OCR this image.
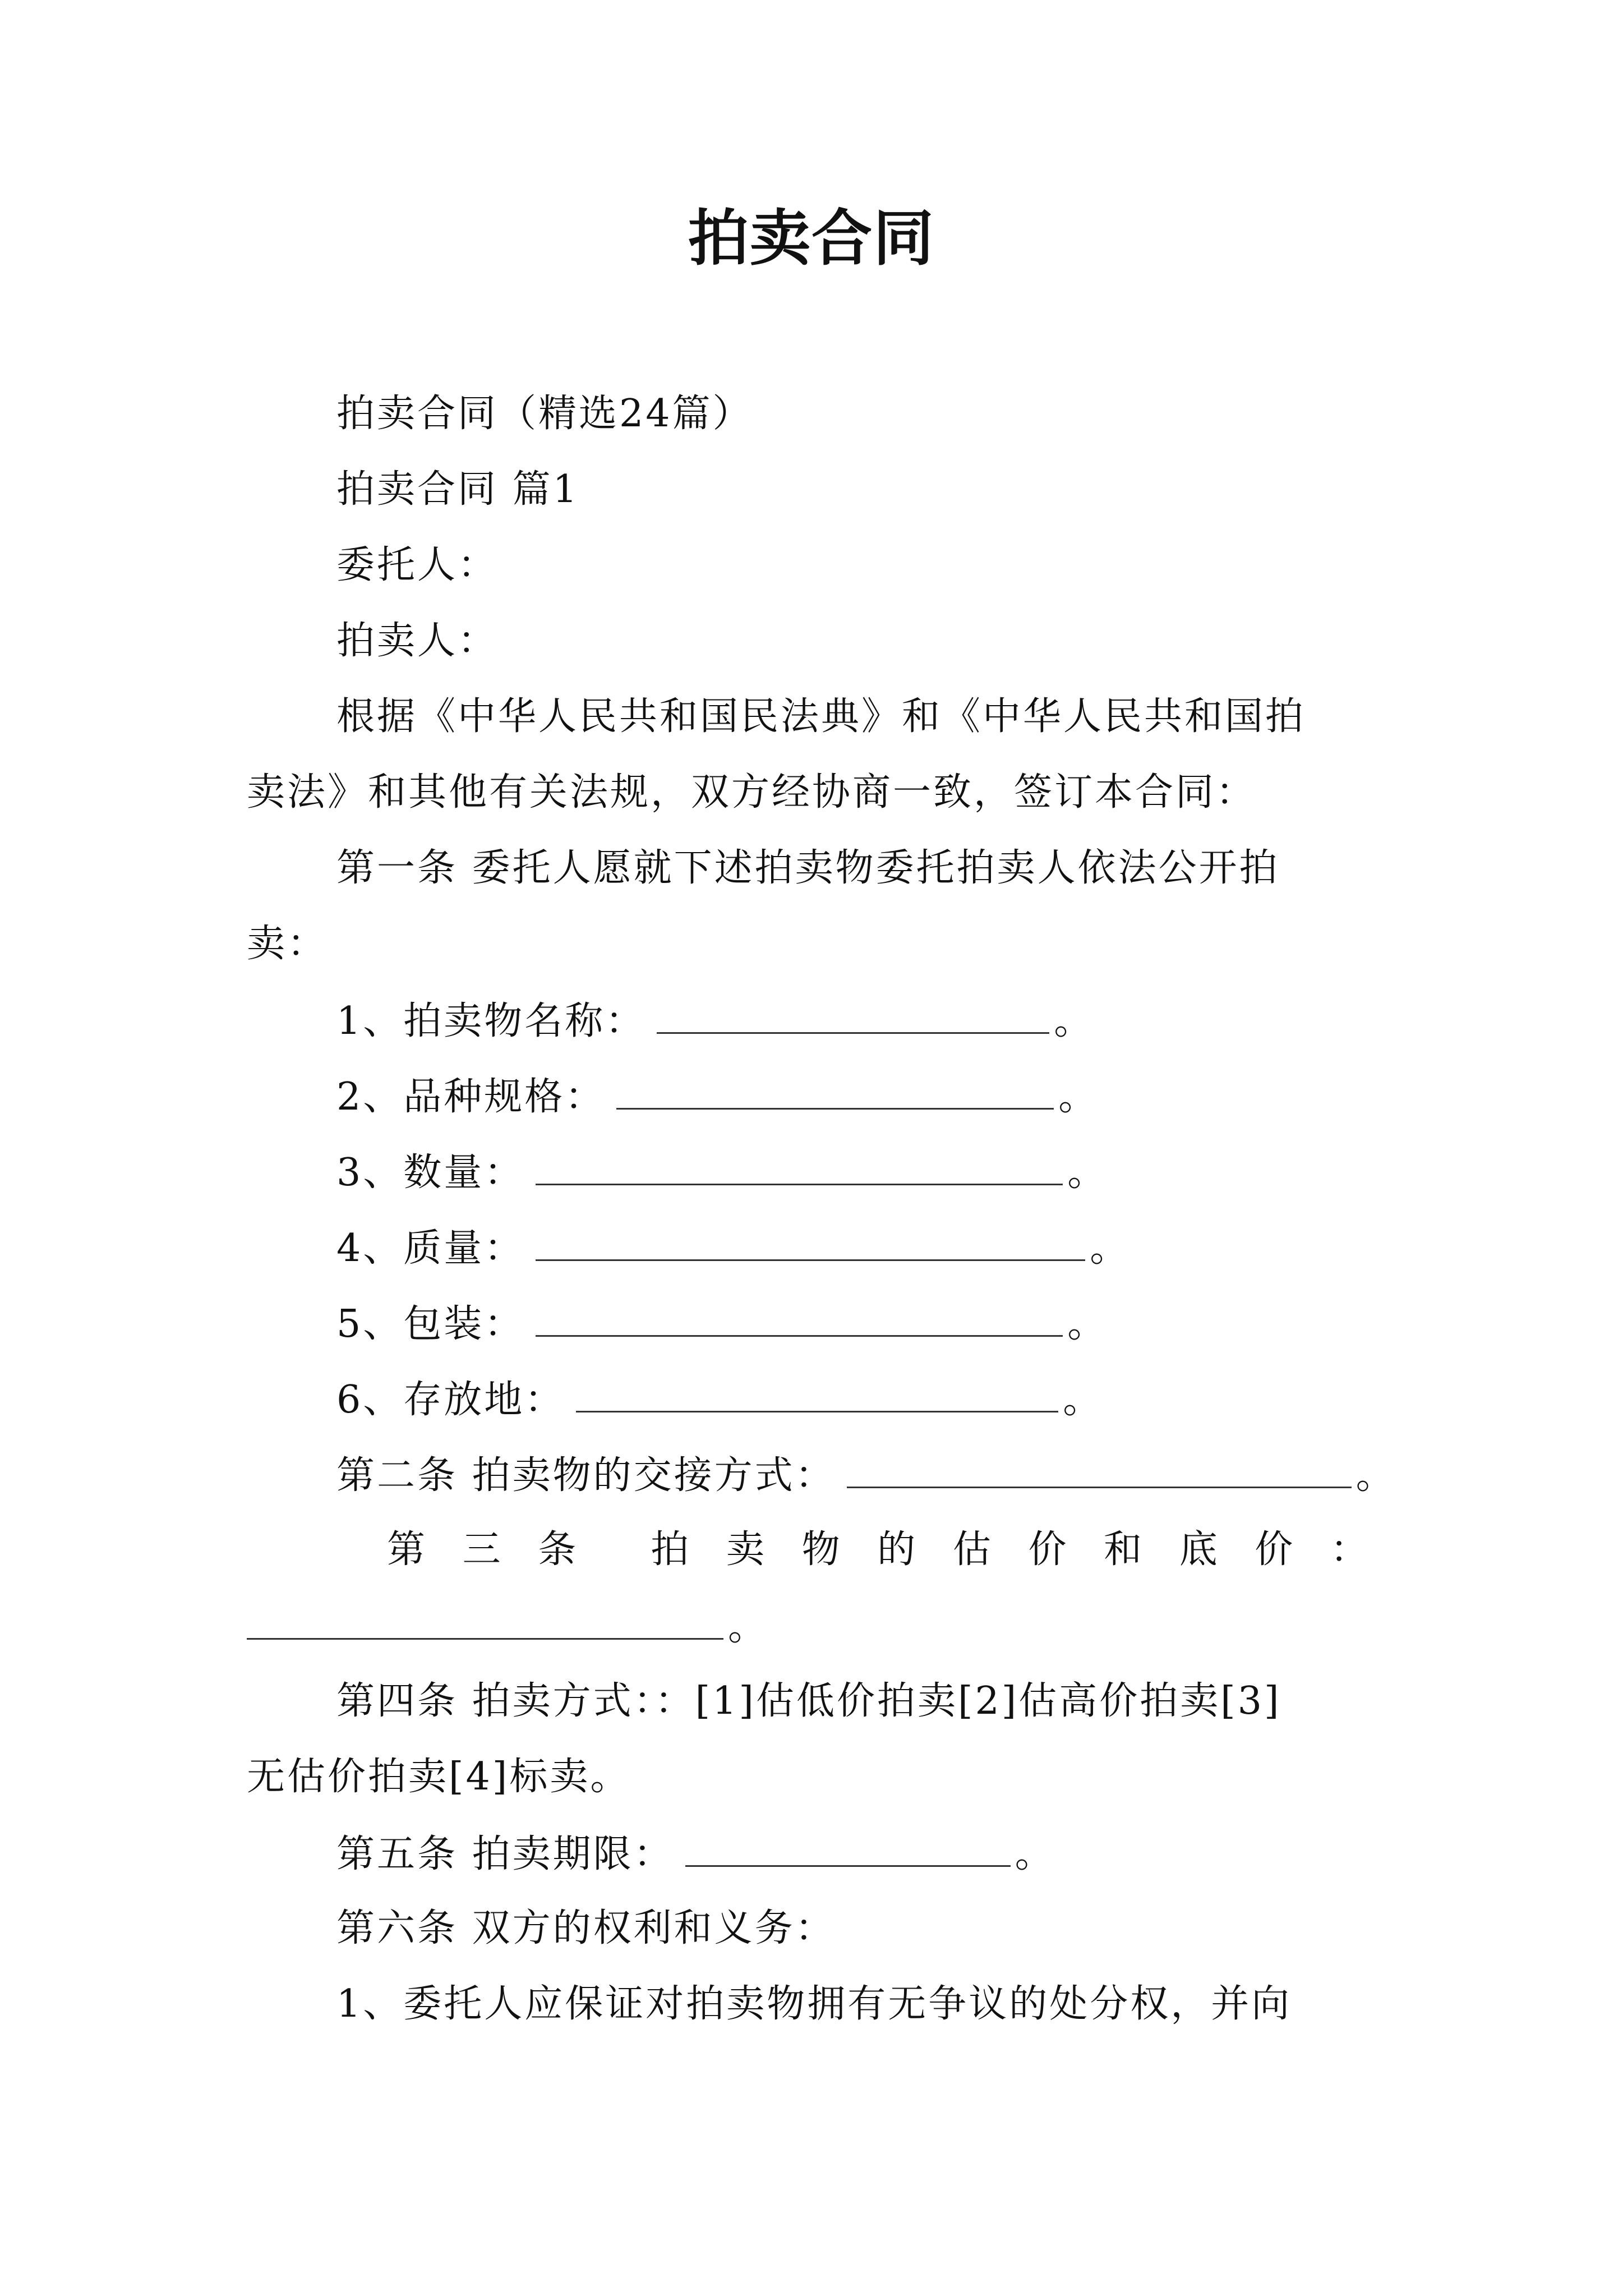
拍卖合同
拍卖合同（精选24篇）
拍卖合同 篇1
委托人：
拍卖人：
根据《中华人民共和国民法典》和《中华人民共和国拍
卖法》和其他有关法规，双方经协商一致，签订本合同：
第一条 委托人愿就下述拍卖物委托拍卖人依法公开拍
卖：
1、拍卖物名称：	。
2、品种规格：	。
3、数量：	。
4、质量：	。
5、包装：	。
6、存放地：	。
第二条 拍卖物的交接方式：	。
第 三 条 拍 卖 物 的 估 价 和 底 价 ：
。
第四条 拍卖方式：：[1]估低价拍卖[2]估高价拍卖[3]
无估价拍卖[4]标卖。
第五条 拍卖期限：	。
第六条 双方的权利和义务：
1、委托人应保证对拍卖物拥有无争议的处分权，并向
